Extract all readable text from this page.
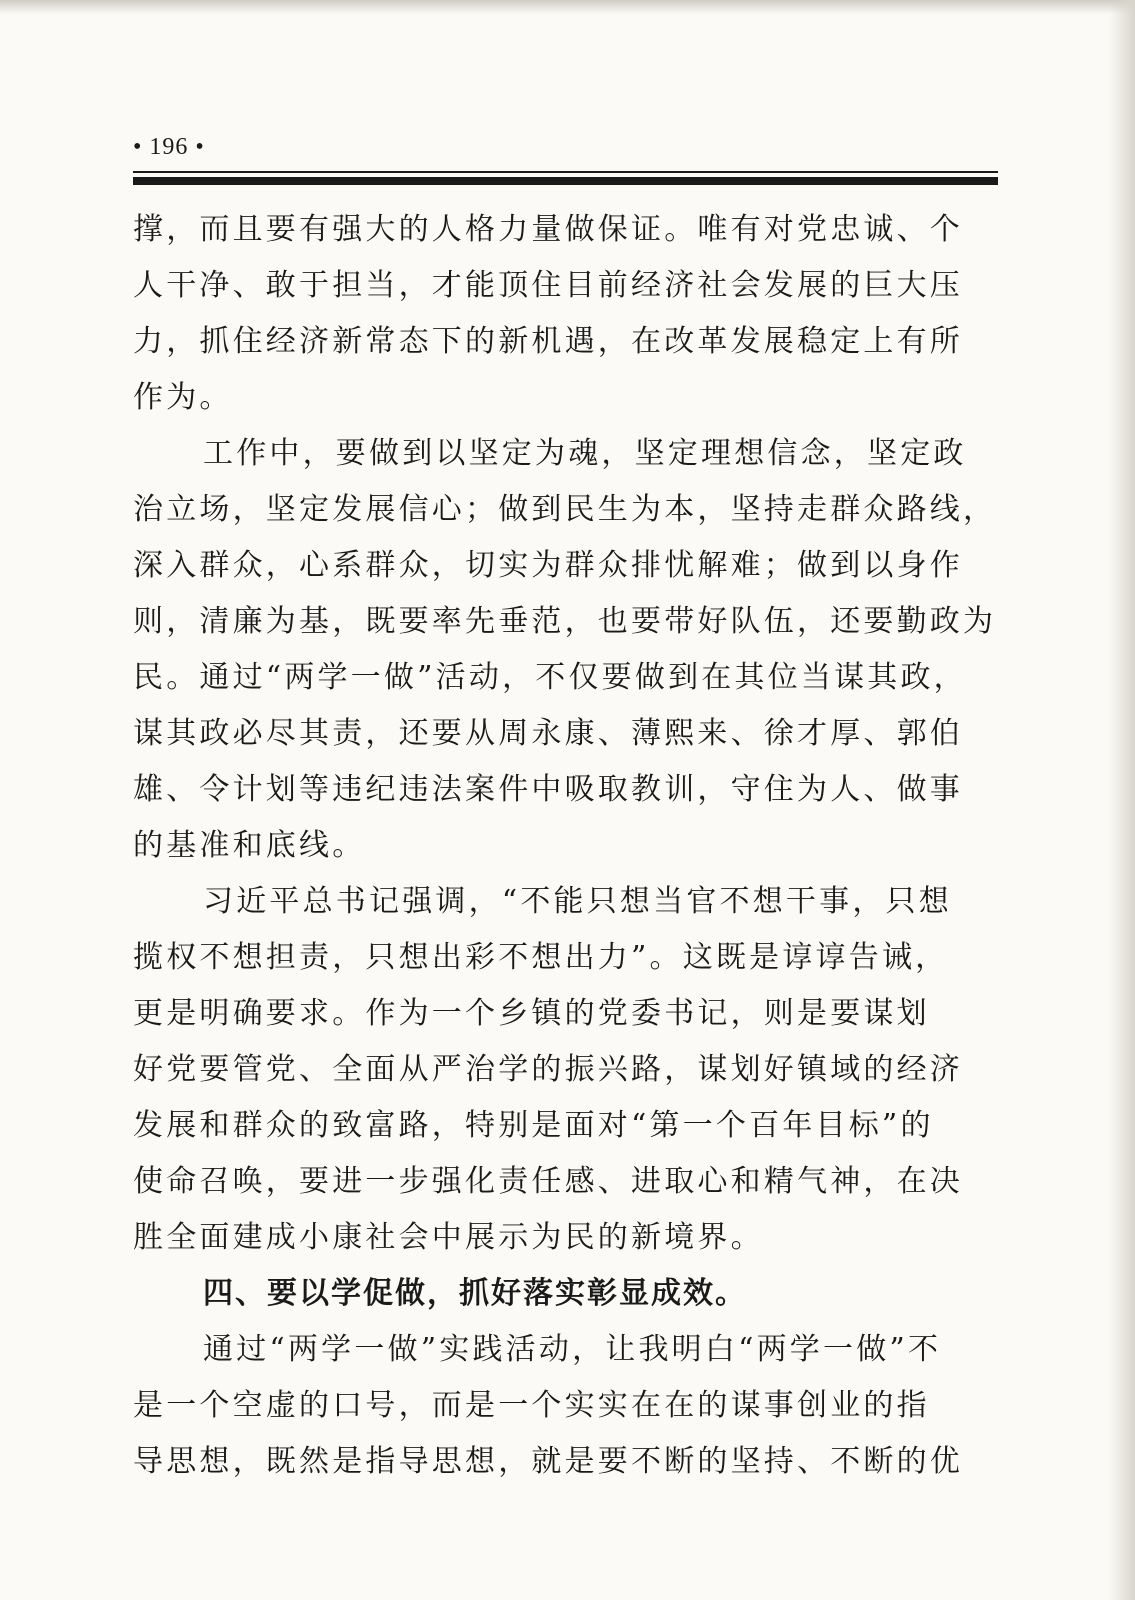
• 196 •
撑，而且要有强大的人格力量做保证。唯有对党忠诚、个
人干净、敢于担当，才能顶住目前经济社会发展的巨大压
力，抓住经济新常态下的新机遇，在改革发展稳定上有所
作为。
工作中，要做到以坚定为魂，坚定理想信念，坚定政
治立场，坚定发展信心；做到民生为本，坚持走群众路线，
深入群众，心系群众，切实为群众排忧解难；做到以身作
则，清廉为基，既要率先垂范，也要带好队伍，还要勤政为
民。通过“两学一做”活动，不仅要做到在其位当谋其政，
谋其政必尽其责，还要从周永康、薄熙来、徐才厚、郭伯
雄、令计划等违纪违法案件中吸取教训，守住为人、做事
的基准和底线。
习近平总书记强调，“不能只想当官不想干事，只想
揽权不想担责，只想出彩不想出力”。这既是谆谆告诫，
更是明确要求。作为一个乡镇的党委书记，则是要谋划
好党要管党、全面从严治学的振兴路，谋划好镇域的经济
发展和群众的致富路，特别是面对“第一个百年目标”的
使命召唤，要进一步强化责任感、进取心和精气神，在决
胜全面建成小康社会中展示为民的新境界。
四、要以学促做，抓好落实彰显成效。
通过“两学一做”实践活动，让我明白“两学一做”不
是一个空虚的口号，而是一个实实在在的谋事创业的指
导思想，既然是指导思想，就是要不断的坚持、不断的优
